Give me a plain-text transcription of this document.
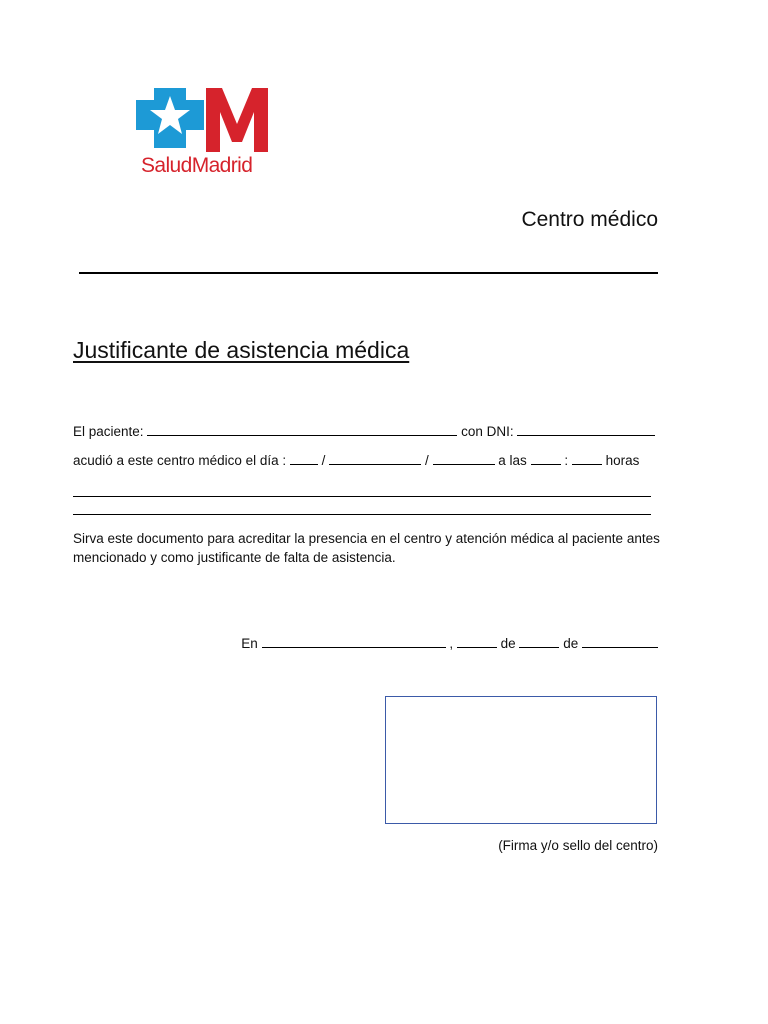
SaludMadrid
Centro médico
Justificante de asistencia médica
El paciente:	con DNI:
acudió a este centro médico el día :	/	/	a las	:	horas
Sirva este documento para acreditar la presencia en el centro y atención médica al paciente antes mencionado y como justificante de falta de asistencia.
En	,	de	de
(Firma y/o sello del centro)
